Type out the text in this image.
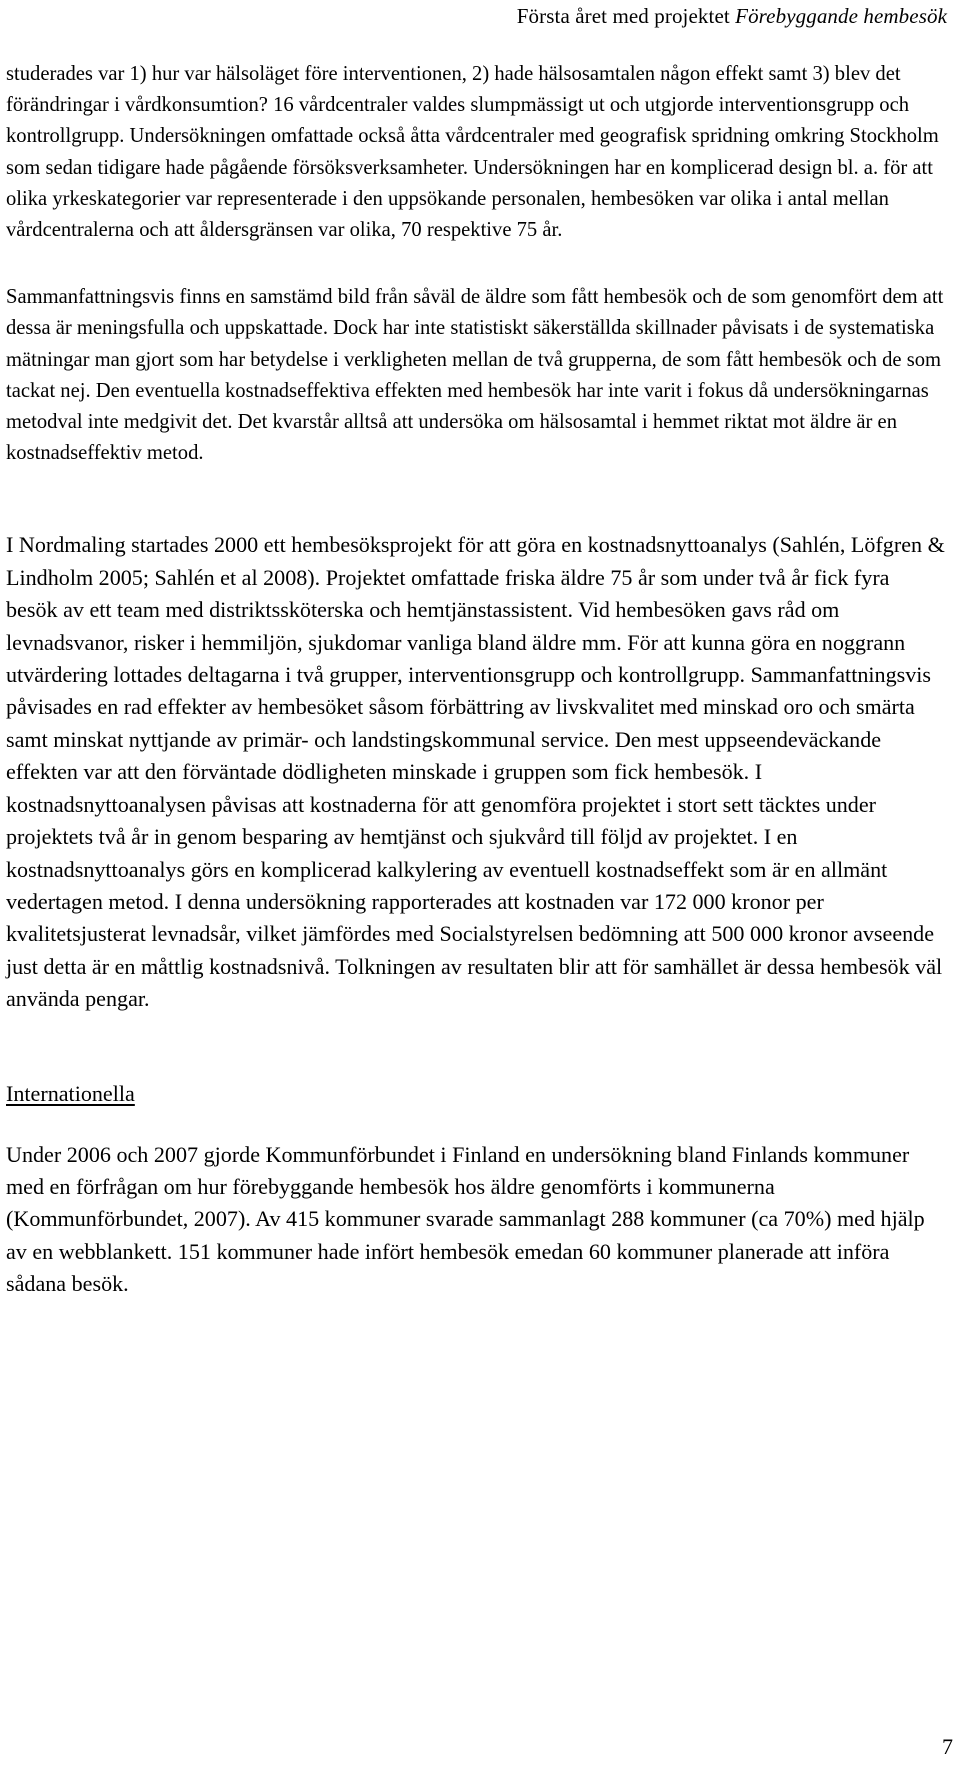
Första året med projektet Förebyggande hembesök

studerades var 1) hur var hälsoläget före interventionen, 2) hade hälsosamtalen någon effekt samt 3) blev det förändringar i vårdkonsumtion? 16 vårdcentraler valdes slumpmässigt ut och utgjorde interventionsgrupp och kontrollgrupp. Undersökningen omfattade också åtta vårdcentraler med geografisk spridning omkring Stockholm som sedan tidigare hade pågående försöksverksamheter. Undersökningen har en komplicerad design bl. a. för att olika yrkeskategorier var representerade i den uppsökande personalen, hembesöken var olika i antal mellan vårdcentralerna och att åldersgränsen var olika, 70 respektive 75 år.

Sammanfattningsvis finns en samstämd bild från såväl de äldre som fått hembesök och de som genomfört dem att dessa är meningsfulla och uppskattade. Dock har inte statistiskt säkerställda skillnader påvisats i de systematiska mätningar man gjort som har betydelse i verkligheten mellan de två grupperna, de som fått hembesök och de som tackat nej. Den eventuella kostnadseffektiva effekten med hembesök har inte varit i fokus då undersökningarnas metodval inte medgivit det. Det kvarstår alltså att undersöka om hälsosamtal i hemmet riktat mot äldre är en kostnadseffektiv metod.

I Nordmaling startades 2000 ett hembesöksprojekt för att göra en kostnadsnyttoanalys (Sahlén, Löfgren & Lindholm 2005; Sahlén et al 2008). Projektet omfattade friska äldre 75 år som under två år fick fyra besök av ett team med distriktssköterska och hemtjänstassistent. Vid hembesöken gavs råd om levnadsvanor, risker i hemmiljön, sjukdomar vanliga bland äldre mm. För att kunna göra en noggrann utvärdering lottades deltagarna i två grupper, interventionsgrupp och kontrollgrupp. Sammanfattningsvis påvisades en rad effekter av hembesöket såsom förbättring av livskvalitet med minskad oro och smärta samt minskat nyttjande av primär- och landstingskommunal service. Den mest uppseendeväckande effekten var att den förväntade dödligheten minskade i gruppen som fick hembesök. I kostnadsnyttoanalysen påvisas att kostnaderna för att genomföra projektet i stort sett täcktes under projektets två år in genom besparing av hemtjänst och sjukvård till följd av projektet. I en kostnadsnyttoanalys görs en komplicerad kalkylering av eventuell kostnadseffekt som är en allmänt vedertagen metod. I denna undersökning rapporterades att kostnaden var 172 000 kronor per kvalitetsjusterat levnadsår, vilket jämfördes med Socialstyrelsen bedömning att 500 000 kronor avseende just detta är en måttlig kostnadsnivå. Tolkningen av resultaten blir att för samhället är dessa hembesök väl använda pengar.

Internationella

Under 2006 och 2007 gjorde Kommunförbundet i Finland en undersökning bland Finlands kommuner med en förfrågan om hur förebyggande hembesök hos äldre genomförts i kommunerna (Kommunförbundet, 2007). Av 415 kommuner svarade sammanlagt 288 kommuner (ca 70%) med hjälp av en webblankett. 151 kommuner hade infört hembesök emedan 60 kommuner planerade att införa sådana besök.

7
